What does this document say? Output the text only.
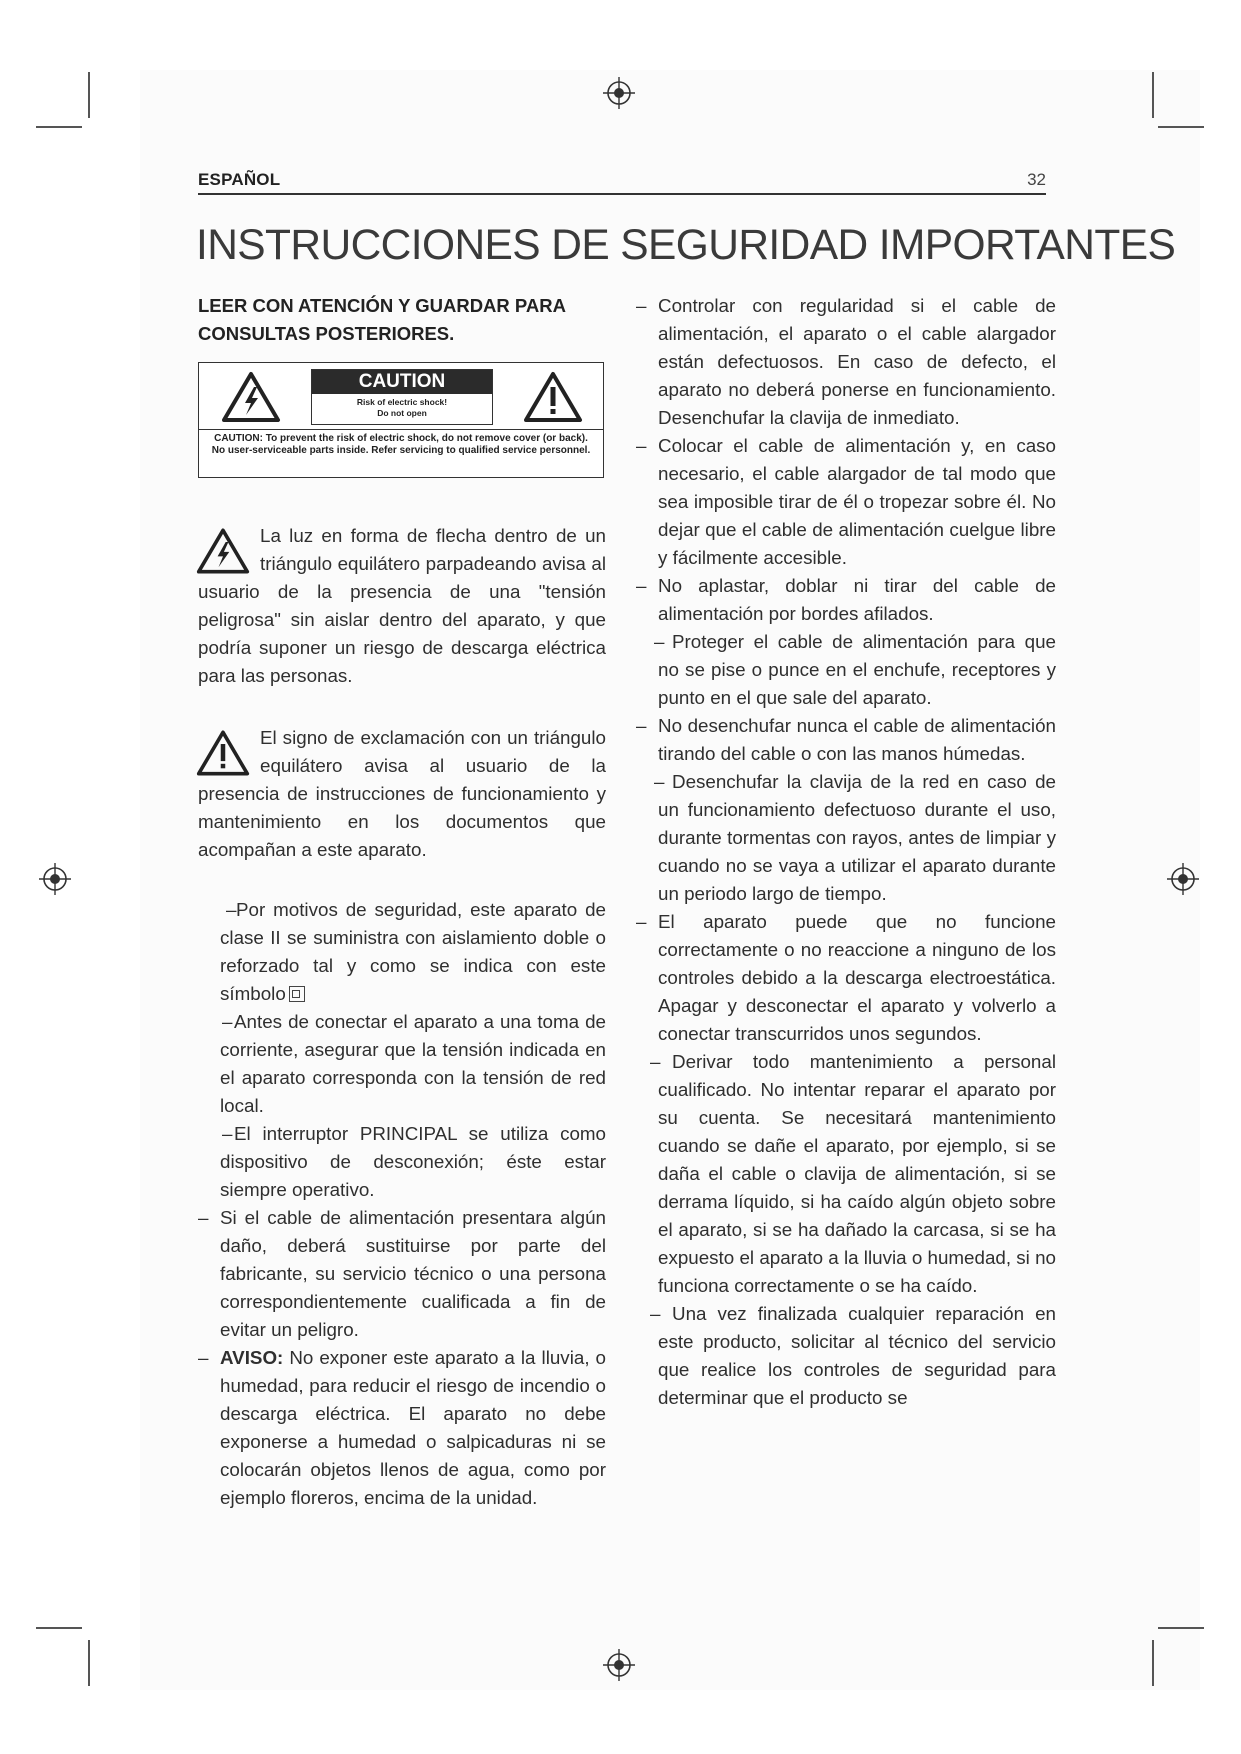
ESPAÑOL	32
INSTRUCCIONES DE SEGURIDAD IMPORTANTES

LEER CON ATENCIÓN Y GUARDAR PARA CONSULTAS POSTERIORES.

CAUTION
Risk of electric shock!
Do not open
CAUTION: To prevent the risk of electric shock, do not remove cover (or back). No user-serviceable parts inside. Refer servicing to qualified service personnel.

La luz en forma de flecha dentro de un triángulo equilátero parpadeando avisa al usuario de la presencia de una "tensión peligrosa" sin aislar dentro del aparato, y que podría suponer un riesgo de descarga eléctrica para las personas.

El signo de exclamación con un triángulo equilátero avisa al usuario de la presencia de instrucciones de funcionamiento y mantenimiento en los documentos que acompañan a este aparato.

– Por motivos de seguridad, este aparato de clase II se suministra con aislamiento doble o reforzado tal y como se indica con este símbolo

– Antes de conectar el aparato a una toma de corriente, asegurar que la tensión indicada en el aparato corresponda con la tensión de red local.

– El interruptor PRINCIPAL se utiliza como dispositivo de desconexión; éste estar siempre operativo.

– Si el cable de alimentación presentara algún daño, deberá sustituirse por parte del fabricante, su servicio técnico o una persona correspondientemente cualificada a fin de evitar un peligro.

– AVISO: No exponer este aparato a la lluvia, o humedad, para reducir el riesgo de incendio o descarga eléctrica. El aparato no debe exponerse a humedad o salpicaduras ni se colocarán objetos llenos de agua, como por ejemplo floreros, encima de la unidad.

– Controlar con regularidad si el cable de alimentación, el aparato o el cable alargador están defectuosos. En caso de defecto, el aparato no deberá ponerse en funcionamiento. Desenchufar la clavija de inmediato.

– Colocar el cable de alimentación y, en caso necesario, el cable alargador de tal modo que sea imposible tirar de él o tropezar sobre él. No dejar que el cable de alimentación cuelgue libre y fácilmente accesible.

– No aplastar, doblar ni tirar del cable de alimentación por bordes afilados.

– Proteger el cable de alimentación para que no se pise o punce en el enchufe, receptores y punto en el que sale del aparato.

– No desenchufar nunca el cable de alimentación tirando del cable o con las manos húmedas.

– Desenchufar la clavija de la red en caso de un funcionamiento defectuoso durante el uso, durante tormentas con rayos, antes de limpiar y cuando no se vaya a utilizar el aparato durante un periodo largo de tiempo.

– El aparato puede que no funcione correctamente o no reaccione a ninguno de los controles debido a la descarga electroestática. Apagar y desconectar el aparato y volverlo a conectar transcurridos unos segundos.

– Derivar todo mantenimiento a personal cualificado. No intentar reparar el aparato por su cuenta. Se necesitará mantenimiento cuando se dañe el aparato, por ejemplo, si se daña el cable o clavija de alimentación, si se derrama líquido, si ha caído algún objeto sobre el aparato, si se ha dañado la carcasa, si se ha expuesto el aparato a la lluvia o humedad, si no funciona correctamente o se ha caído.

– Una vez finalizada cualquier reparación en este producto, solicitar al técnico del servicio que realice los controles de seguridad para determinar que el producto se
